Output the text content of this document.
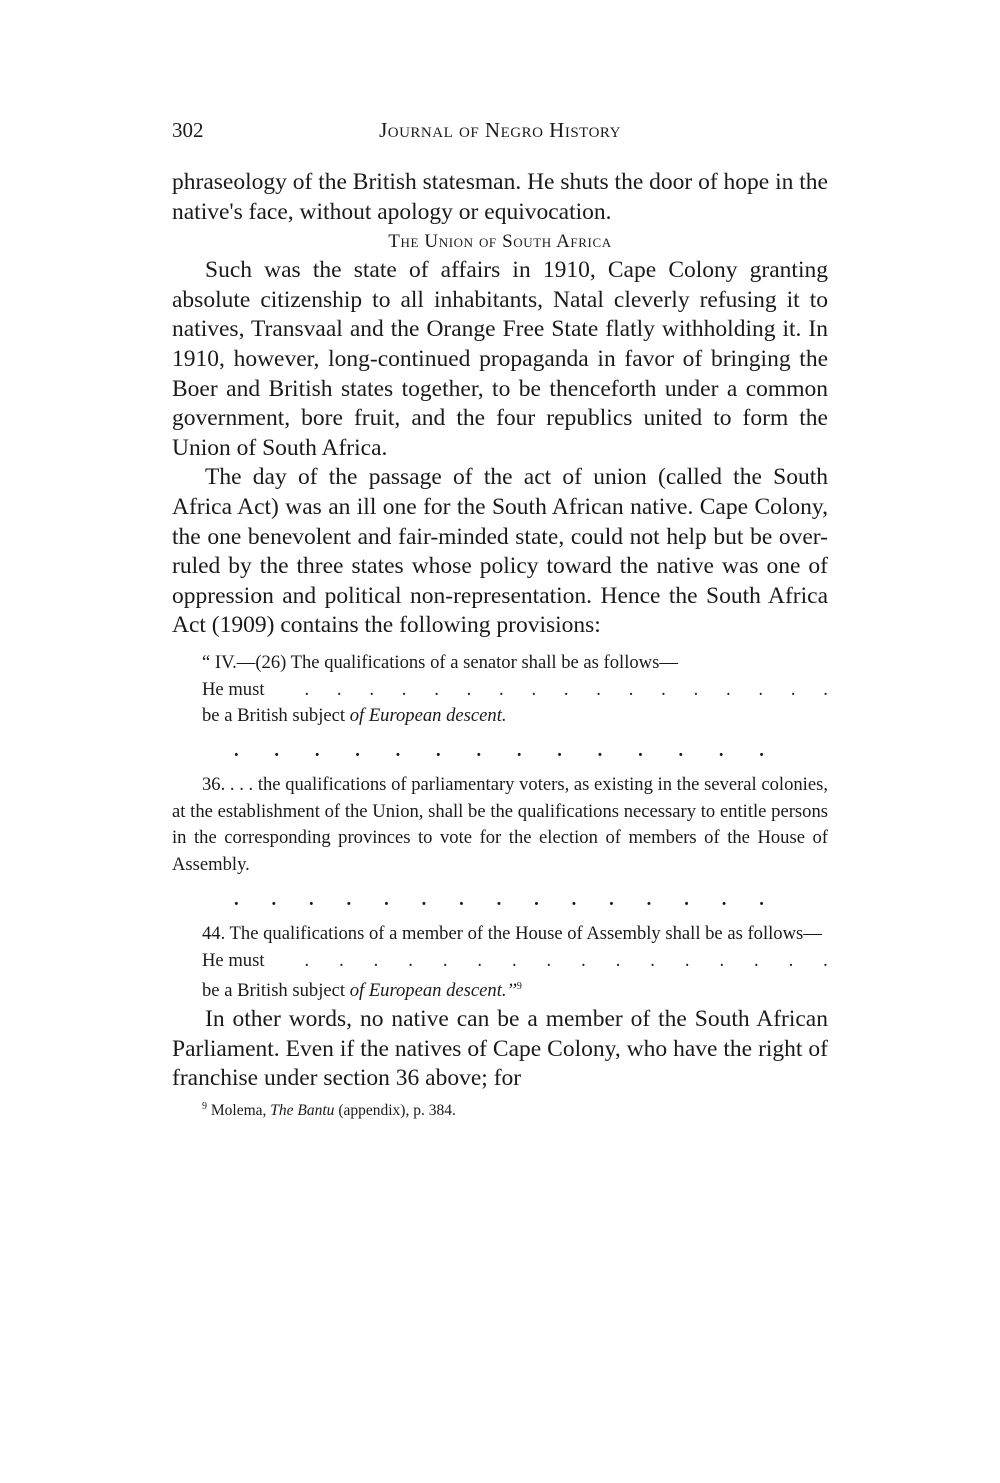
302	Journal of Negro History

phraseology of the British statesman. He shuts the door of hope in the native's face, without apology or equivocation.

The Union of South Africa

Such was the state of affairs in 1910, Cape Colony granting absolute citizenship to all inhabitants, Natal cleverly refusing it to natives, Transvaal and the Orange Free State flatly withholding it. In 1910, however, long-continued propaganda in favor of bringing the Boer and British states together, to be thenceforth under a common government, bore fruit, and the four republics united to form the Union of South Africa.

The day of the passage of the act of union (called the South Africa Act) was an ill one for the South African native. Cape Colony, the one benevolent and fair-minded state, could not help but be over-ruled by the three states whose policy toward the native was one of oppression and political non-representation. Hence the South Africa Act (1909) contains the following provisions:

“ IV.—(26) The qualifications of a senator shall be as follows—

He must . . . . . . . . . . . . . . . . .

be a British subject of European descent.

. . . . . . . . . . . . . .

36. . . . the qualifications of parliamentary voters, as existing in the several colonies, at the establishment of the Union, shall be the qualifications necessary to entitle persons in the corresponding provinces to vote for the election of members of the House of Assembly.

. . . . . . . . . . . . . . .

44. The qualifications of a member of the House of Assembly shall be as follows—

He must . . . . . . . . . . . . . . . .

be a British subject of European descent.’’$^9$

In other words, no native can be a member of the South African Parliament. Even if the natives of Cape Colony, who have the right of franchise under section 36 above; for

$^9$ Molema, The Bantu (appendix), p. 384.
